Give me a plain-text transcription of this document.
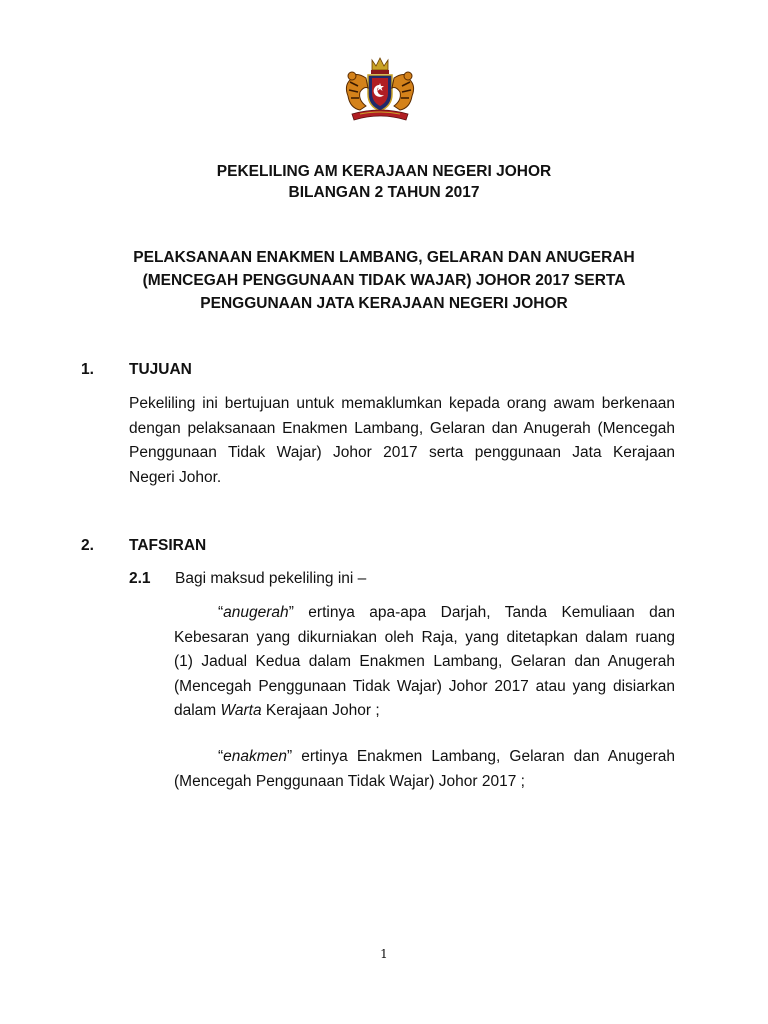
PEKELILING AM KERAJAAN NEGERI JOHOR
BILANGAN 2 TAHUN 2017
PELAKSANAAN ENAKMEN LAMBANG, GELARAN DAN ANUGERAH
(MENCEGAH PENGGUNAAN TIDAK WAJAR) JOHOR 2017 SERTA
PENGGUNAAN JATA KERAJAAN NEGERI JOHOR
1. TUJUAN

Pekeliling ini bertujuan untuk memaklumkan kepada orang awam berkenaan
dengan pelaksanaan Enakmen Lambang, Gelaran dan Anugerah (Mencegah
Penggunaan Tidak Wajar) Johor 2017 serta penggunaan Jata Kerajaan
Negeri Johor.

2. TAFSIRAN
2.1 Bagi maksud pekeliling ini –

“anugerah” ertinya apa-apa Darjah, Tanda Kemuliaan dan
Kebesaran yang dikurniakan oleh Raja, yang ditetapkan dalam ruang
(1) Jadual Kedua dalam Enakmen Lambang, Gelaran dan Anugerah
(Mencegah Penggunaan Tidak Wajar) Johor 2017 atau yang disiarkan
dalam Warta Kerajaan Johor ;

“enakmen” ertinya Enakmen Lambang, Gelaran dan Anugerah
(Mencegah Penggunaan Tidak Wajar) Johor 2017 ;

1
